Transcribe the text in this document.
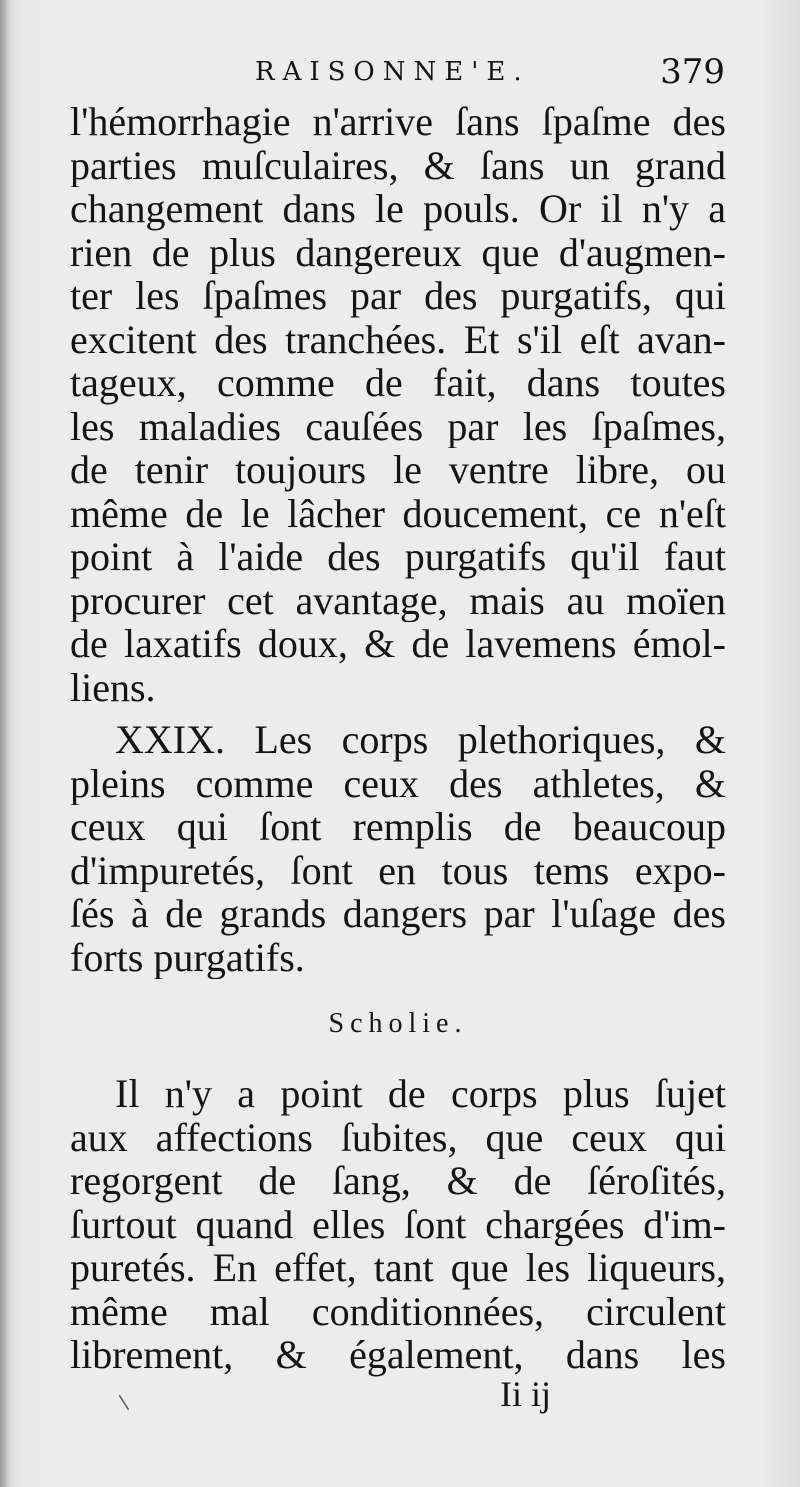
RAISONNE'E.	379
l'hémorrhagie n'arrive ſans ſpaſme des
parties muſculaires, & ſans un grand
changement dans le pouls. Or il n'y a
rien de plus dangereux que d'augmen-
ter les ſpaſmes par des purgatifs, qui
excitent des tranchées. Et s'il eſt avan-
tageux, comme de fait, dans toutes
les maladies cauſées par les ſpaſmes,
de tenir toujours le ventre libre, ou
même de le lâcher doucement, ce n'eſt
point à l'aide des purgatifs qu'il faut
procurer cet avantage, mais au moïen
de laxatifs doux, & de lavemens émol-
liens.
XXIX. Les corps plethoriques, &
pleins comme ceux des athletes, &
ceux qui ſont remplis de beaucoup
d'impuretés, ſont en tous tems expo-
ſés à de grands dangers par l'uſage des
forts purgatifs.
Scholie.
Il n'y a point de corps plus ſujet
aux affections ſubites, que ceux qui
regorgent de ſang, & de ſéroſités,
ſurtout quand elles ſont chargées d'im-
puretés. En effet, tant que les liqueurs,
même mal conditionnées, circulent
librement, & également, dans les
Ii ij
/
